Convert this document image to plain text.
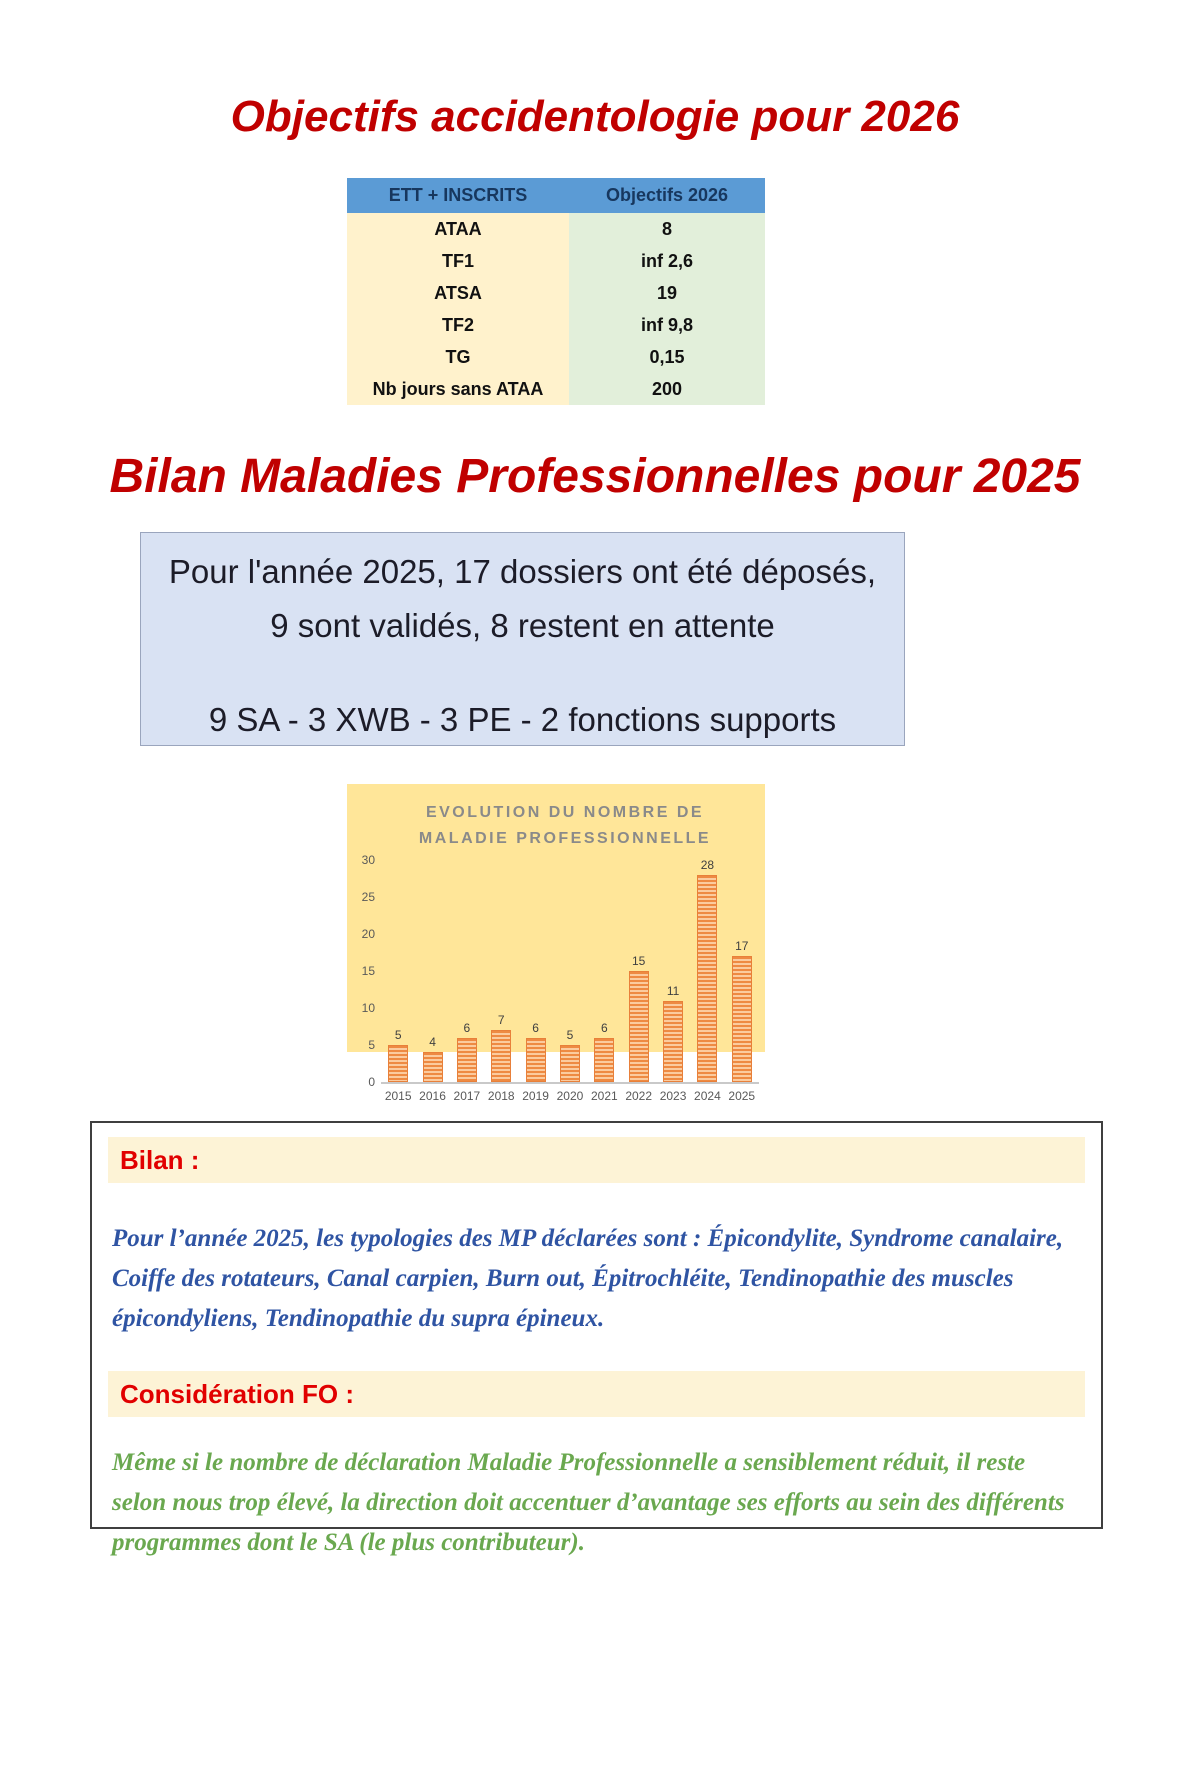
Objectifs accidentologie pour 2026
ETT + INSCRITS	Objectifs 2026
ATAA	8
TF1	inf 2,6
ATSA	19
TF2	inf 9,8
TG	0,15
Nb jours sans ATAA	200
Bilan Maladies Professionnelles pour 2025
Pour l'année 2025, 17 dossiers ont été déposés,
9 sont validés, 8 restent en attente
9 SA - 3 XWB - 3 PE - 2 fonctions supports
EVOLUTION DU NOMBRE DE
MALADIE PROFESSIONNELLE
0
5
10
15
20
25
30
5
4
6
7
6
5
6
15
11
28
17
2015 2016 2017 2018 2019 2020 2021 2022 2023 2024 2025
Bilan :

Pour l’année 2025, les typologies des MP déclarées sont : Épicondylite, Syndrome canalaire, Coiffe des rotateurs, Canal carpien, Burn out, Épitrochléite, Tendinopathie des muscles épicondyliens, Tendinopathie du supra épineux.

Considération FO :

Même si le nombre de déclaration Maladie Professionnelle a sensiblement réduit, il reste selon nous trop élevé, la direction doit accentuer d’avantage ses efforts au sein des différents programmes dont le SA (le plus contributeur).
